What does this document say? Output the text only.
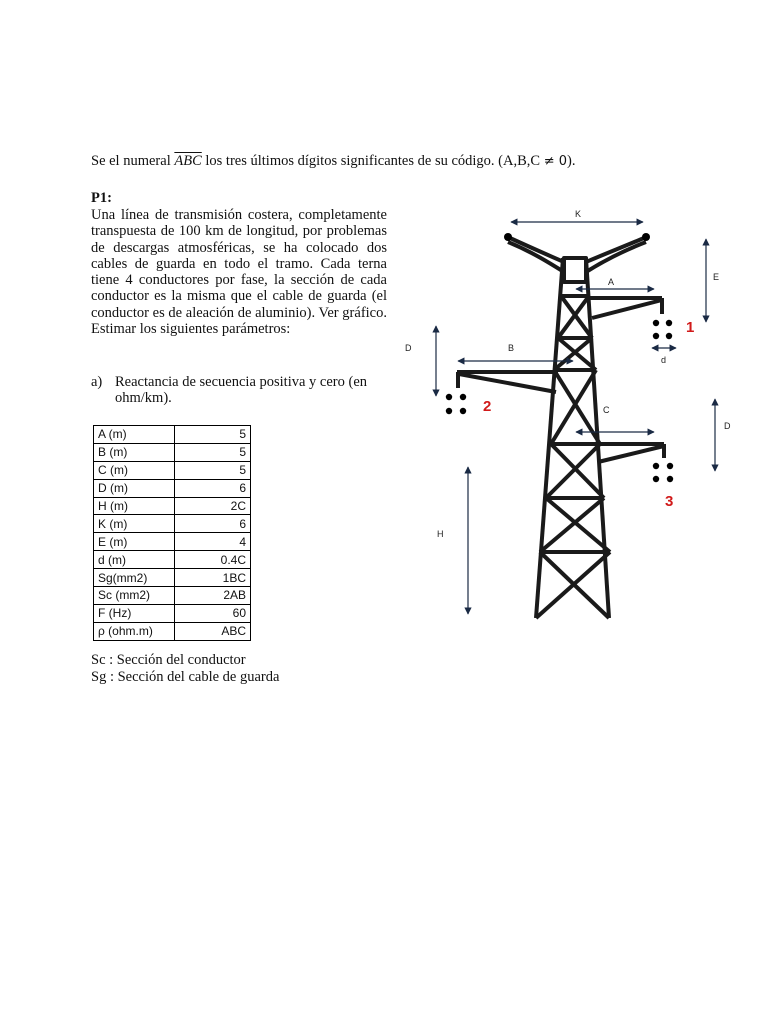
Se el numeral $\overline{ABC}$ los tres últimos dígitos significantes de su código. (A,B,C ≠ 0).
P1:
Una línea de transmisión costera, completamente transpuesta de 100 km de longitud, por problemas de descargas atmosféricas, se ha colocado dos cables de guarda en todo el tramo. Cada terna tiene 4 conductores por fase, la sección de cada conductor es la misma que el cable de guarda (el conductor es de aleación de aluminio). Ver gráfico. Estimar los siguientes parámetros:
a) Reactancia de secuencia positiva y cero (en ohm/km).
A (m)	5
B (m)	5
C (m)	5
D (m)	6
H (m)	2C
K (m)	6
E (m)	4
d (m)	0.4C
Sg(mm2)	1BC
Sc (mm2)	2AB
F (Hz)	60
ρ (ohm.m)	ABC
Sc : Sección del conductor
Sg : Sección del cable de guarda
K
E
A
d
B
D
C
D
H
1
2
3
